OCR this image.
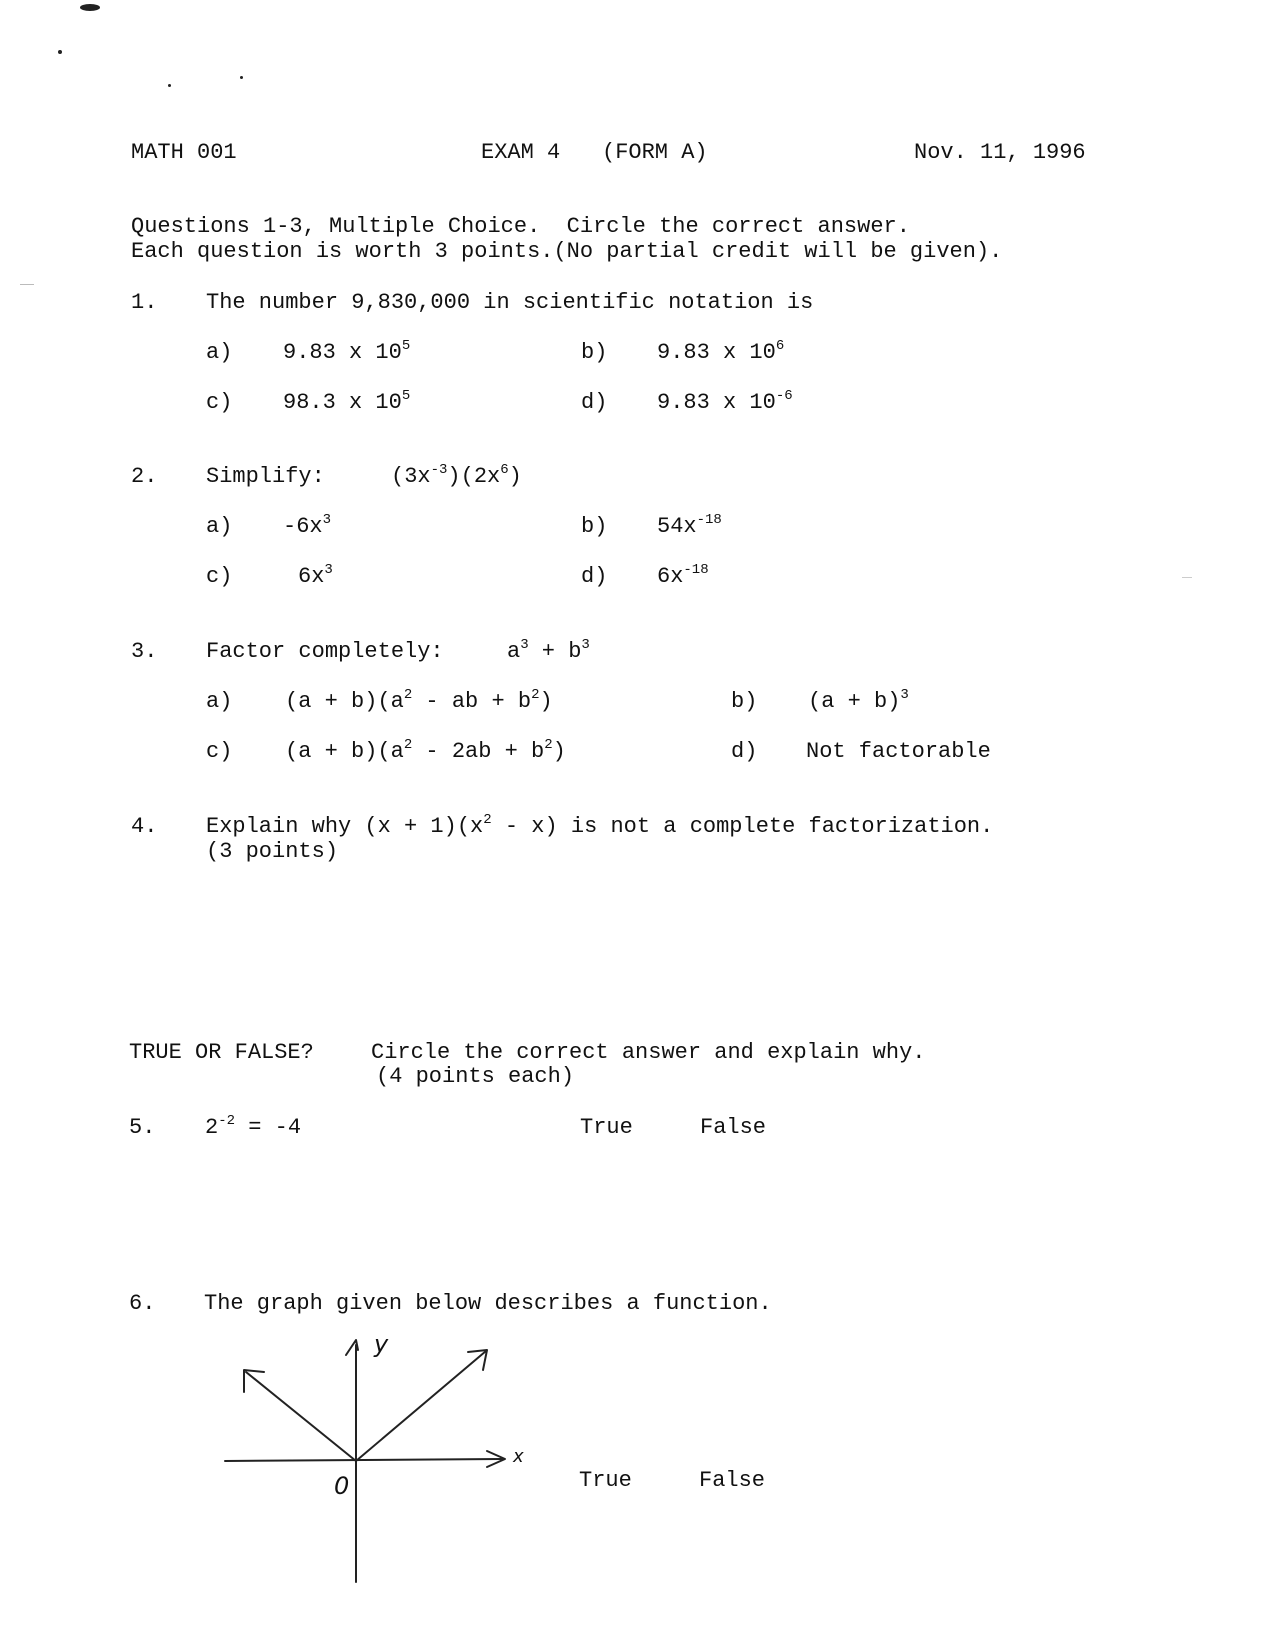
MATH 001	EXAM 4 (FORM A)	Nov. 11, 1996
Questions 1-3, Multiple Choice.  Circle the correct answer.
Each question is worth 3 points.(No partial credit will be given).
1. The number 9,830,000 in scientific notation is
a) 9.83 x $10^5$	b) 9.83 x $10^6$
c) 98.3 x $10^5$	d) 9.83 x $10^{-6}$
2. Simplify:	$(3x^{-3})(2x^6)$
a) $-6x^3$	b) $54x^{-18}$
c)	$6x^3$	d) $6x^{-18}$
3. Factor completely:	$a^3 + b^3$
a) $(a + b)(a^2$ - ab + $b^2$)	b) $(a + b)^3$
c) $(a + b)(a^2 - 2ab + b^2)$	d) Not factorable
4. Explain why $(x + 1)(x^2 - x)$ is not a complete factorization.
(3 points)
TRUE OR FALSE?	Circle the correct answer and explain why.
(4 points each)
5. $2^{-2} = -4$	True	False
6. The graph given below describes a function.
y
x
0	True	False
